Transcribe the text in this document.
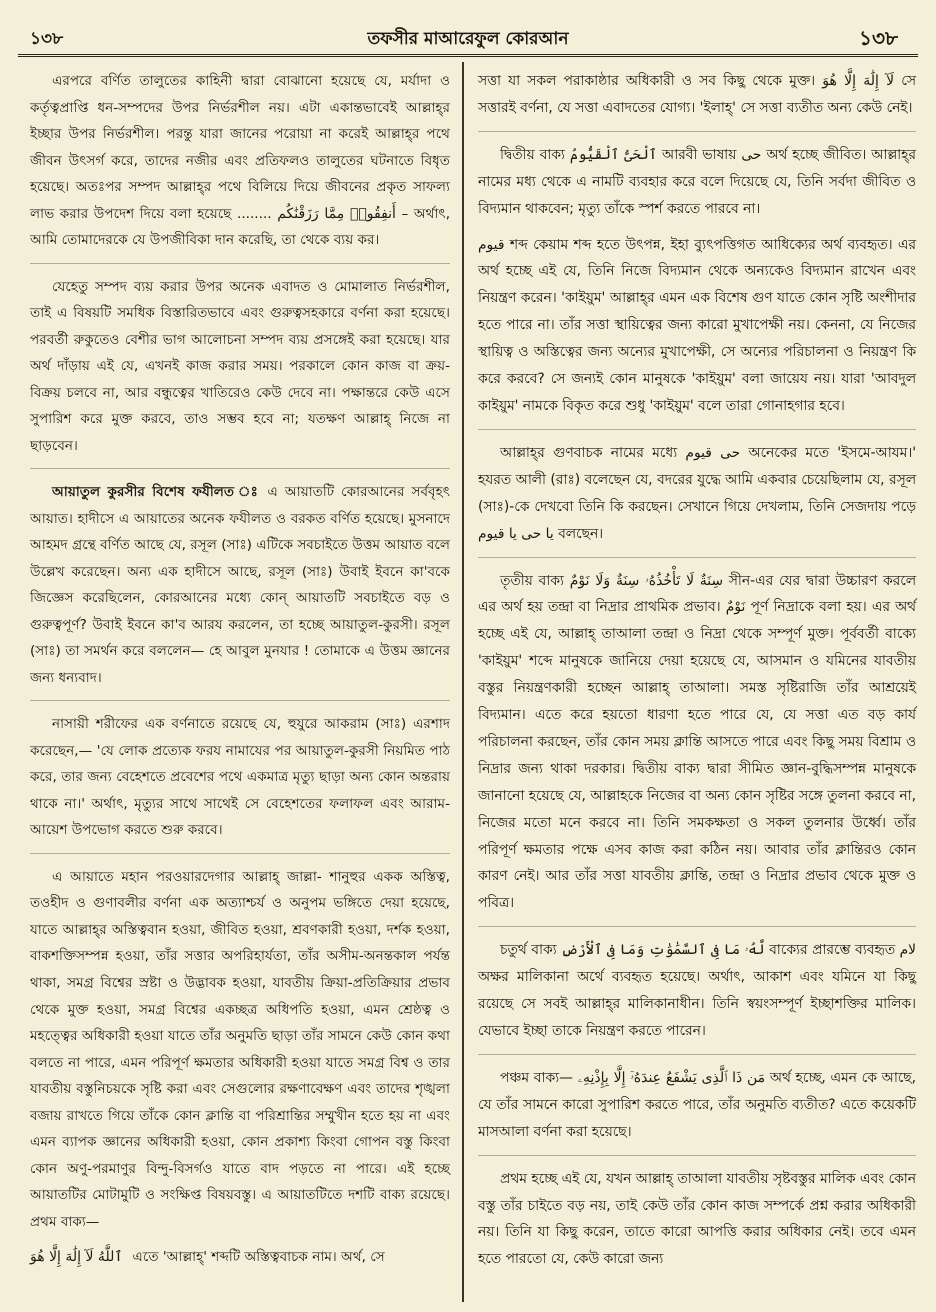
১৩৮	তফসীর মাআরেফুল কোরআন	১৩৮

এরপরে বর্ণিত তালুতের কাহিনী দ্বারা বোঝানো হয়েছে যে, মর্যাদা ও কর্তৃত্বপ্রাপ্তি ধন-সম্পদের উপর নির্ভরশীল নয়। এটা একান্তভাবেই আল্লাহ্‌র ইচ্ছার উপর নির্ভরশীল। পরন্তু যারা জানের পরোয়া না করেই আল্লাহ্‌র পথে জীবন উৎসর্গ করে, তাদের নজীর এবং প্রতিফলও তালুতের ঘটনাতে বিধৃত হয়েছে। অতঃপর সম্পদ আল্লাহ্‌র পথে বিলিয়ে দিয়ে জীবনের প্রকৃত সাফল্য লাভ করার উপদেশ দিয়ে বলা হয়েছে ........ أَنفِقُوا۟ مِمَّا رَزَقْنَٰكُم – অর্থাৎ, আমি তোমাদেরকে যে উপজীবিকা দান করেছি, তা থেকে ব্যয় কর।

যেহেতু সম্পদ ব্যয় করার উপর অনেক এবাদত ও মোমালাত নির্ভরশীল, তাই এ বিষয়টি সমধিক বিস্তারিতভাবে এবং গুরুত্বসহকারে বর্ণনা করা হয়েছে। পরবর্তী রুকুতেও বেশীর ভাগ আলোচনা সম্পদ ব্যয় প্রসঙ্গেই করা হয়েছে। যার অর্থ দাঁড়ায় এই যে, এখনই কাজ করার সময়। পরকালে কোন কাজ বা ক্রয়-বিক্রয় চলবে না, আর বন্ধুত্বের খাতিরেও কেউ দেবে না। পক্ষান্তরে কেউ এসে সুপারিশ করে মুক্ত করবে, তাও সম্ভব হবে না; যতক্ষণ আল্লাহ্‌ নিজে না ছাড়বেন।

আয়াতুল কুরসীর বিশেষ ফযীলত ঃ এ আয়াতটি কোরআনের সর্ববৃহৎ আয়াত। হাদীসে এ আয়াতের অনেক ফযীলত ও বরকত বর্ণিত হয়েছে। মুসনাদে আহমদ গ্রন্থে বর্ণিত আছে যে, রসূল (সাঃ) এটিকে সবচাইতে উত্তম আয়াত বলে উল্লেখ করেছেন। অন্য এক হাদীসে আছে, রসূল (সাঃ) উবাই ইবনে কা'বকে জিজ্ঞেস করেছিলেন, কোরআনের মধ্যে কোন্‌ আয়াতটি সবচাইতে বড় ও গুরুত্বপূর্ণ? উবাই ইবনে কা'ব আরয করলেন, তা হচ্ছে আয়াতুল-কুরসী। রসূল (সাঃ) তা সমর্থন করে বললেন— হে আবুল মুনযার ! তোমাকে এ উত্তম জ্ঞানের জন্য ধন্যবাদ।

নাসায়ী শরীফের এক বর্ণনাতে রয়েছে যে, হুযুরে আকরাম (সাঃ) এরশাদ করেছেন,— 'যে লোক প্রত্যেক ফরয নামাযের পর আয়াতুল-কুরসী নিয়মিত পাঠ করে, তার জন্য বেহেশতে প্রবেশের পথে একমাত্র মৃত্যু ছাড়া অন্য কোন অন্তরায় থাকে না।' অর্থাৎ, মৃত্যুর সাথে সাথেই সে বেহেশতের ফলাফল এবং আরাম-আয়েশ উপভোগ করতে শুরু করবে।

এ আয়াতে মহান পরওয়ারদেগার আল্লাহ্‌ জাল্লা- শানুহুর একক অস্তিত্ব, তওহীদ ও গুণাবলীর বর্ণনা এক অত্যাশ্চর্য ও অনুপম ভঙ্গিতে দেয়া হয়েছে, যাতে আল্লাহ্‌র অস্তিত্ববান হওয়া, জীবিত হওয়া, শ্রবণকারী হওয়া, দর্শক হওয়া, বাকশক্তিসম্পন্ন হওয়া, তাঁর সত্তার অপরিহার্যতা, তাঁর অসীম-অনন্তকাল পর্যন্ত থাকা, সমগ্র বিশ্বের স্রষ্টা ও উদ্ভাবক হওয়া, যাবতীয় ক্রিয়া-প্রতিক্রিয়ার প্রভাব থেকে মুক্ত হওয়া, সমগ্র বিশ্বের একচ্ছত্র অধিপতি হওয়া, এমন শ্রেষ্ঠত্ব ও মহত্ত্বের অধিকারী হওয়া যাতে তাঁর অনুমতি ছাড়া তাঁর সামনে কেউ কোন কথা বলতে না পারে, এমন পরিপূর্ণ ক্ষমতার অধিকারী হওয়া যাতে সমগ্র বিশ্ব ও তার যাবতীয় বস্তুনিচয়কে সৃষ্টি করা এবং সেগুলোর রক্ষণাবেক্ষণ এবং তাদের শৃঙ্খলা বজায় রাখতে গিয়ে তাঁকে কোন ক্লান্তি বা পরিশ্রান্তির সম্মুখীন হতে হয় না এবং এমন ব্যাপক জ্ঞানের অধিকারী হওয়া, কোন প্রকাশ্য কিংবা গোপন বস্তু কিংবা কোন অণু-পরমাণুর বিন্দু-বিসর্গও যাতে বাদ পড়তে না পারে। এই হচ্ছে আয়াতটির মোটামুটি ও সংক্ষিপ্ত বিষয়বস্তু। এ আয়াতটিতে দশটি বাক্য রয়েছে। প্রথম বাক্য—

ٱللَّهُ لَآ إِلَٰهَ إِلَّا هُوَ এতে 'আল্লাহ্‌' শব্দটি অস্তিত্ববাচক নাম। অর্থ, সে

সত্তা যা সকল পরাকাষ্ঠার অধিকারী ও সব কিছু থেকে মুক্ত। لَآ إِلَٰهَ إِلَّا هُوَ সে সত্তারই বর্ণনা, যে সত্তা এবাদতের যোগ্য। 'ইলাহ্‌' সে সত্তা ব্যতীত অন্য কেউ নেই।

দ্বিতীয় বাক্য ٱلْحَىُّ ٱلْقَيُّومُ আরবী ভাষায় حى অর্থ হচ্ছে জীবিত। আল্লাহ্‌র নামের মধ্য থেকে এ নামটি ব্যবহার করে বলে দিয়েছে যে, তিনি সর্বদা জীবিত ও বিদ্যমান থাকবেন; মৃত্যু তাঁকে স্পর্শ করতে পারবে না।

قيوم শব্দ কেয়াম শব্দ হতে উৎপন্ন, ইহা ব্যুৎপত্তিগত আধিক্যের অর্থ ব্যবহৃত। এর অর্থ হচ্ছে এই যে, তিনি নিজে বিদ্যমান থেকে অন্যকেও বিদ্যমান রাখেন এবং নিয়ন্ত্রণ করেন। 'কাইয়ুম' আল্লাহ্‌র এমন এক বিশেষ গুণ যাতে কোন সৃষ্টি অংশীদার হতে পারে না। তাঁর সত্তা স্থায়িত্বের জন্য কারো মুখাপেক্ষী নয়। কেননা, যে নিজের স্থায়িত্ব ও অস্তিত্বের জন্য অন্যের মুখাপেক্ষী, সে অন্যের পরিচালনা ও নিয়ন্ত্রণ কি করে করবে? সে জন্যই কোন মানুষকে 'কাইয়ুম' বলা জায়েয নয়। যারা 'আবদুল কাইয়ুম' নামকে বিকৃত করে শুধু 'কাইয়ুম' বলে তারা গোনাহগার হবে।

আল্লাহ্‌র গুণবাচক নামের মধ্যে حى قيوم অনেকের মতে 'ইসমে-আযম।' হযরত আলী (রাঃ) বলেছেন যে, বদরের যুদ্ধে আমি একবার চেয়েছিলাম যে, রসূল (সাঃ)-কে দেখবো তিনি কি করছেন। সেখানে গিয়ে দেখলাম, তিনি সেজদায় পড়ে يا حى يا قيوم বলছেন।

তৃতীয় বাক্য لَا تَأْخُذُهُۥ سِنَةٌ وَلَا نَوْمٌ سِنَةٌ সীন-এর যের দ্বারা উচ্চারণ করলে এর অর্থ হয় তন্দ্রা বা নিদ্রার প্রাথমিক প্রভাব। نَوْمٌ পূর্ণ নিদ্রাকে বলা হয়। এর অর্থ হচ্ছে এই যে, আল্লাহ্‌ তাআলা তন্দ্রা ও নিদ্রা থেকে সম্পূর্ণ মুক্ত। পূর্ববর্তী বাক্যে 'কাইয়ুম' শব্দে মানুষকে জানিয়ে দেয়া হয়েছে যে, আসমান ও যমিনের যাবতীয় বস্তুর নিয়ন্ত্রণকারী হচ্ছেন আল্লাহ্‌ তাআলা। সমস্ত সৃষ্টিরাজি তাঁর আশ্রয়েই বিদ্যমান। এতে করে হয়তো ধারণা হতে পারে যে, যে সত্তা এত বড় কার্য পরিচালনা করছেন, তাঁর কোন সময় ক্লান্তি আসতে পারে এবং কিছু সময় বিশ্রাম ও নিদ্রার জন্য থাকা দরকার। দ্বিতীয় বাক্য দ্বারা সীমিত জ্ঞান-বুদ্ধিসম্পন্ন মানুষকে জানানো হয়েছে যে, আল্লাহকে নিজের বা অন্য কোন সৃষ্টির সঙ্গে তুলনা করবে না, নিজের মতো মনে করবে না। তিনি সমকক্ষতা ও সকল তুলনার উর্ধ্বে। তাঁর পরিপূর্ণ ক্ষমতার পক্ষে এসব কাজ করা কঠিন নয়। আবার তাঁর ক্লান্তিরও কোন কারণ নেই। আর তাঁর সত্তা যাবতীয় ক্লান্তি, তন্দ্রা ও নিদ্রার প্রভাব থেকে মুক্ত ও পবিত্র।

চতুর্থ বাক্য لَّهُۥ مَا فِى ٱلسَّمَٰوَٰتِ وَمَا فِى ٱلْأَرْضِ বাক্যের প্রারম্ভে ব্যবহৃত لام অক্ষর মালিকানা অর্থে ব্যবহৃত হয়েছে। অর্থাৎ, আকাশ এবং যমিনে যা কিছু রয়েছে সে সবই আল্লাহ্‌র মালিকানাধীন। তিনি স্বয়ংসম্পূর্ণ ইচ্ছাশক্তির মালিক। যেভাবে ইচ্ছা তাকে নিয়ন্ত্রণ করতে পারেন।

পঞ্চম বাক্য— مَن ذَا ٱلَّذِى يَشْفَعُ عِندَهُۥٓ إِلَّا بِإِذْنِهِۦ অর্থ হচ্ছে, এমন কে আছে, যে তাঁর সামনে কারো সুপারিশ করতে পারে, তাঁর অনুমতি ব্যতীত? এতে কয়েকটি মাসআলা বর্ণনা করা হয়েছে।

প্রথম হচ্ছে এই যে, যখন আল্লাহ্‌ তাআলা যাবতীয় সৃষ্টবস্তুর মালিক এবং কোন বস্তু তাঁর চাইতে বড় নয়, তাই কেউ তাঁর কোন কাজ সম্পর্কে প্রশ্ন করার অধিকারী নয়। তিনি যা কিছু করেন, তাতে কারো আপত্তি করার অধিকার নেই। তবে এমন হতে পারতো যে, কেউ কারো জন্য
